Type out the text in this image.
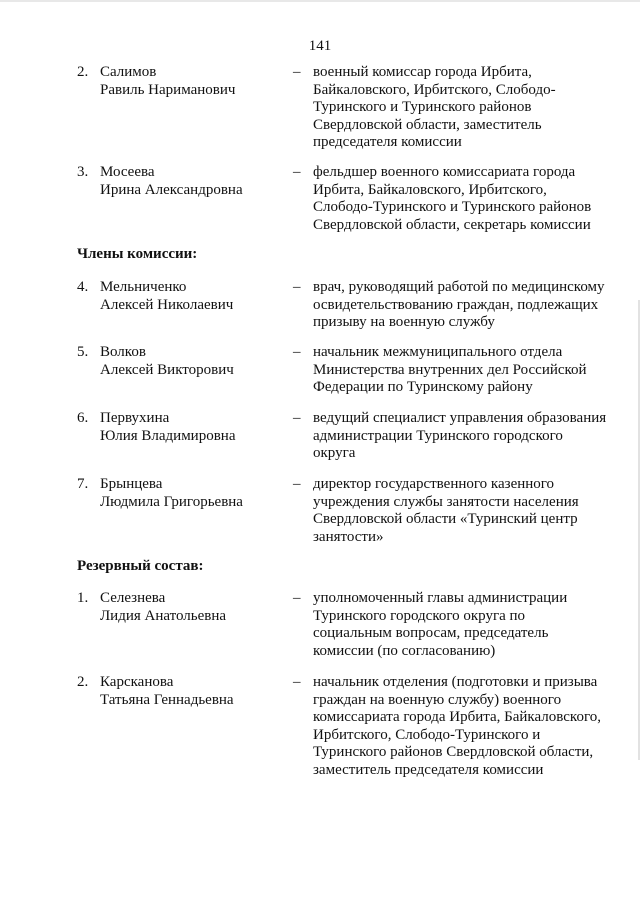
141
2. Салимов
Равиль Нариманович
– военный комиссар города Ирбита,
Байкаловского, Ирбитского, Слободо-
Туринского и Туринского районов
Свердловской области, заместитель
председателя комиссии
3. Мосеева
Ирина Александровна
– фельдшер военного комиссариата города
Ирбита, Байкаловского, Ирбитского,
Слободо-Туринского и Туринского районов
Свердловской области, секретарь комиссии
Члены комиссии:
4. Мельниченко
Алексей Николаевич
– врач, руководящий работой по медицинскому
освидетельствованию граждан, подлежащих
призыву на военную службу
5. Волков
Алексей Викторович
– начальник межмуниципального отдела
Министерства внутренних дел Российской
Федерации по Туринскому району
6. Первухина
Юлия Владимировна
– ведущий специалист управления образования
администрации Туринского городского
округа
7. Брынцева
Людмила Григорьевна
– директор государственного казенного
учреждения службы занятости населения
Свердловской области «Туринский центр
занятости»
Резервный состав:
1. Селезнева
Лидия Анатольевна
– уполномоченный главы администрации
Туринского городского округа по
социальным вопросам, председатель
комиссии (по согласованию)
2. Карсканова
Татьяна Геннадьевна
– начальник отделения (подготовки и призыва
граждан на военную службу) военного
комиссариата города Ирбита, Байкаловского,
Ирбитского, Слободо-Туринского и
Туринского районов Свердловской области,
заместитель председателя комиссии
